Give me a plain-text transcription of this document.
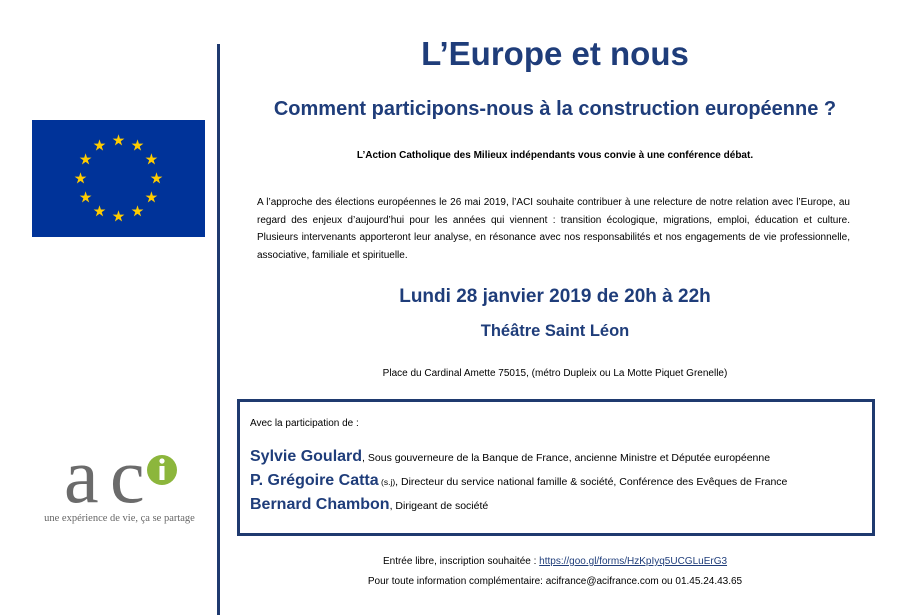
a c
une expérience de vie, ça se partage
L’Europe et nous
Comment participons-nous à la construction européenne ?
L’Action Catholique des Milieux indépendants vous convie à une conférence débat.
A l’approche des élections européennes le 26 mai 2019, l’ACI souhaite contribuer à une relecture de notre relation avec l’Europe, au regard des enjeux d’aujourd’hui pour les années qui viennent : transition écologique, migrations, emploi, éducation et culture. Plusieurs intervenants apporteront leur analyse, en résonance avec nos responsabilités et nos engagements de vie professionnelle, associative, familiale et spirituelle.
Lundi 28 janvier 2019 de 20h à 22h
Théâtre Saint Léon
Place du Cardinal Amette 75015, (métro Dupleix ou La Motte Piquet Grenelle)
Avec la participation de :
Sylvie Goulard, Sous gouverneure de la Banque de France, ancienne Ministre et Députée européenne
P. Grégoire Catta (s.j), Directeur du service national famille & société, Conférence des Evêques de France
Bernard Chambon, Dirigeant de société
Entrée libre, inscription souhaitée : https://goo.gl/forms/HzKpIyq5UCGLuErG3
Pour toute information complémentaire: acifrance@acifrance.com ou 01.45.24.43.65
